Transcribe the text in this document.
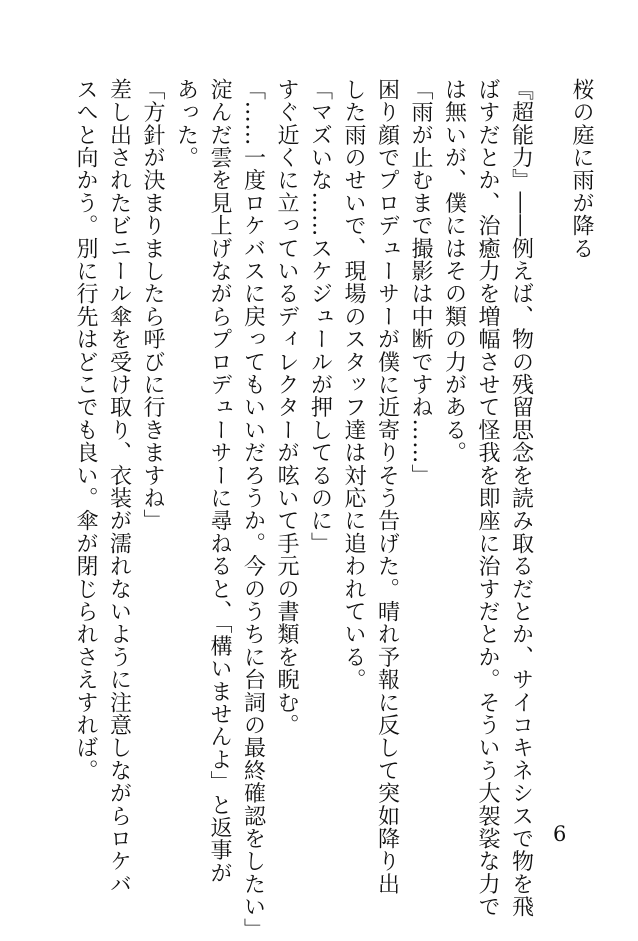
桜の庭に雨が降る
『超能力』――例えば、物の残留思念を読み取るだとか、サイコキネシスで物を飛
ばすだとか、治癒力を増幅させて怪我を即座に治すだとか。そういう大袈裟な力で
は無いが、僕にはその類の力がある。
「雨が止むまで撮影は中断ですね……」
困り顔でプロデューサーが僕に近寄りそう告げた。晴れ予報に反して突如降り出
した雨のせいで、現場のスタッフ達は対応に追われている。
「マズいな……スケジュールが押してるのに」
すぐ近くに立っているディレクターが呟いて手元の書類を睨む。
「……一度ロケバスに戻ってもいいだろうか。今のうちに台詞の最終確認をしたい」
淀んだ雲を見上げながらプロデューサーに尋ねると、「構いませんよ」と返事が
あった。
「方針が決まりましたら呼びに行きますね」
差し出されたビニール傘を受け取り、衣装が濡れないように注意しながらロケバ
スへと向かう。別に行先はどこでも良い。傘が閉じられさえすれば。
6
